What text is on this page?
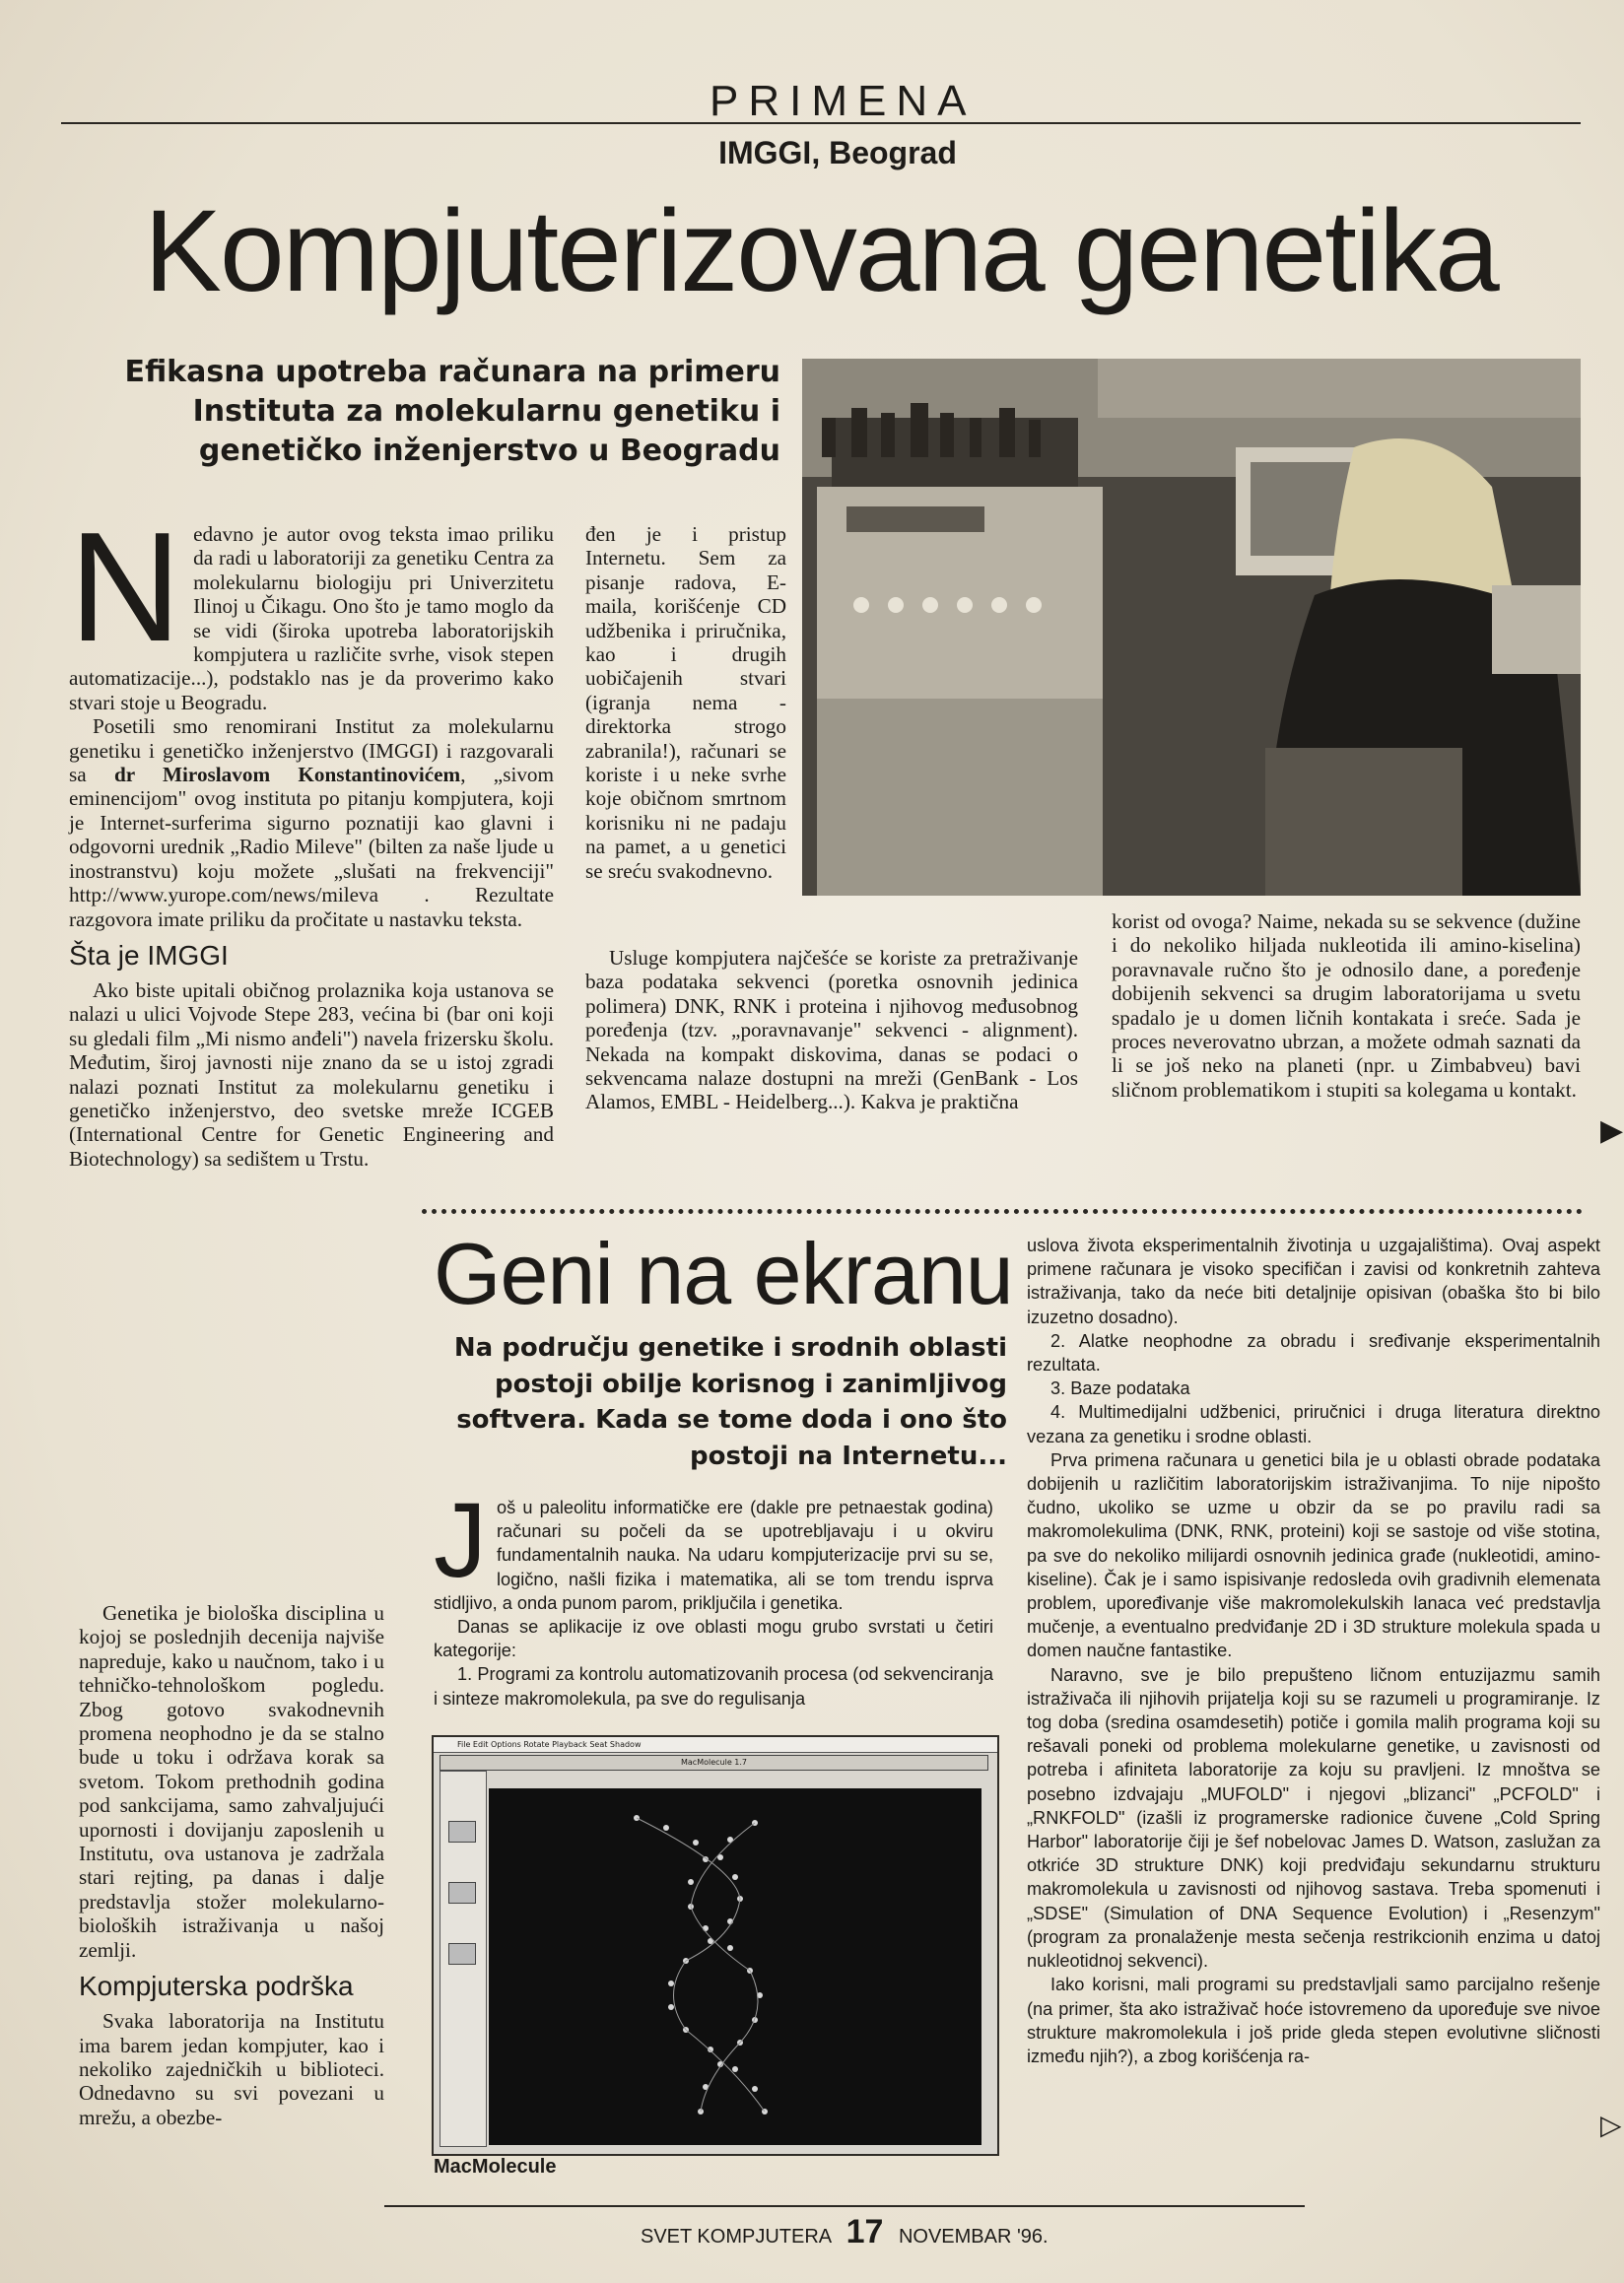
PRIMENA
IMGGI, Beograd
Kompjuterizovana genetika
Efikasna upotreba računara na primeru Instituta za molekularnu genetiku i genetičko inženjerstvo u Beogradu

Nedavno je autor ovog teksta imao priliku da radi u laboratoriji za genetiku Centra za molekularnu biologiju pri Univerzitetu Ilinoj u Čikagu. Ono što je tamo moglo da se vidi (široka upotreba laboratorijskih kompjutera u različite svrhe, visok stepen automatizacije...), podstaklo nas je da proverimo kako stvari stoje u Beogradu.

Posetili smo renomirani Institut za molekularnu genetiku i genetičko inženjerstvo (IMGGI) i razgovarali sa dr Miroslavom Konstantinovićem, „sivom eminencijom" ovog instituta po pitanju kompjutera, koji je Internet-surferima sigurno poznatiji kao glavni i odgovorni urednik „Radio Mileve" (bilten za naše ljude u inostranstvu) koju možete „slušati na frekvenciji" http://www.yurope.com/news/mileva . Rezultate razgovora imate priliku da pročitate u nastavku teksta.

Šta je IMGGI

Ako biste upitali običnog prolaznika koja ustanova se nalazi u ulici Vojvode Stepe 283, većina bi (bar oni koji su gledali film „Mi nismo anđeli") navela frizersku školu. Međutim, široj javnosti nije znano da se u istoj zgradi nalazi poznati Institut za molekularnu genetiku i genetičko inženjerstvo, deo svetske mreže ICGEB (International Centre for Genetic Engineering and Biotechnology) sa sedištem u Trstu.

Genetika je biološka disciplina u kojoj se poslednjih decenija najviše napreduje, kako u naučnom, tako i u tehničko-tehnološkom pogledu. Zbog gotovo svakodnevnih promena neophodno je da se stalno bude u toku i održava korak sa svetom. Tokom prethodnih godina pod sankcijama, samo zahvaljujući upornosti i dovijanju zaposlenih u Institutu, ova ustanova je zadržala stari rejting, pa danas i dalje predstavlja stožer molekularno-bioloških istraživanja u našoj zemlji.

Kompjuterska podrška

Svaka laboratorija na Institutu ima barem jedan kompjuter, kao i nekoliko zajedničkih u biblioteci. Odnedavno su svi povezani u mrežu, a obezbe-

đen je i pristup Internetu. Sem za pisanje radova, E-maila, korišćenje CD udžbenika i priručnika, kao i drugih uobičajenih stvari (igranja nema - direktorka strogo zabranila!), računari se koriste i u neke svrhe koje običnom smrtnom korisniku ni ne padaju na pamet, a u genetici se sreću svakodnevno.

Usluge kompjutera najčešće se koriste za pretraživanje baza podataka sekvenci (poretka osnovnih jedinica polimera) DNK, RNK i proteina i njihovog međusobnog poređenja (tzv. „poravnavanje" sekvenci - alignment). Nekada na kompakt diskovima, danas se podaci o sekvencama nalaze dostupni na mreži (GenBank - Los Alamos, EMBL - Heidelberg...). Kakva je praktična

korist od ovoga? Naime, nekada su se sekvence (dužine i do nekoliko hiljada nukleotida ili amino-kiselina) poravnavale ručno što je odnosilo dane, a poređenje dobijenih sekvenci sa drugim laboratorijama u svetu spadalo je u domen ličnih kontakata i sreće. Sada je proces neverovatno ubrzan, a možete odmah saznati da li se još neko na planeti (npr. u Zimbabveu) bavi sličnom problematikom i stupiti sa kolegama u kontakt.

▶
Geni na ekranu
Na području genetike i srodnih oblasti postoji obilje korisnog i zanimljivog softvera. Kada se tome doda i ono što postoji na Internetu...

Još u paleolitu informatičke ere (dakle pre petnaestak godina) računari su počeli da se upotrebljavaju i u okviru fundamentalnih nauka. Na udaru kompjuterizacije prvi su se, logično, našli fizika i matematika, ali se tom trendu isprva stidljivo, a onda punom parom, priključila i genetika.

Danas se aplikacije iz ove oblasti mogu grubo svrstati u četiri kategorije:

1. Programi za kontrolu automatizovanih procesa (od sekvenciranja i sinteze makromolekula, pa sve do regulisanja

uslova života eksperimentalnih životinja u uzgajalištima). Ovaj aspekt primene računara je visoko specifičan i zavisi od konkretnih zahteva istraživanja, tako da neće biti detaljnije opisivan (obaška što bi bilo izuzetno dosadno).

2. Alatke neophodne za obradu i sređivanje eksperimentalnih rezultata.

3. Baze podataka

4. Multimedijalni udžbenici, priručnici i druga literatura direktno vezana za genetiku i srodne oblasti.

Prva primena računara u genetici bila je u oblasti obrade podataka dobijenih u različitim laboratorijskim istraživanjima. To nije nipošto čudno, ukoliko se uzme u obzir da se po pravilu radi sa makromolekulima (DNK, RNK, proteini) koji se sastoje od više stotina, pa sve do nekoliko milijardi osnovnih jedinica građe (nukleotidi, amino-kiseline). Čak je i samo ispisivanje redosleda ovih gradivnih elemenata problem, upoređivanje više makromolekulskih lanaca već predstavlja mučenje, a eventualno predviđanje 2D i 3D strukture molekula spada u domen naučne fantastike.

Naravno, sve je bilo prepušteno ličnom entuzijazmu samih istraživača ili njihovih prijatelja koji su se razumeli u programiranje. Iz tog doba (sredina osamdesetih) potiče i gomila malih programa koji su rešavali poneki od problema molekularne genetike, u zavisnosti od potreba i afiniteta laboratorije za koju su pravljeni. Iz mnoštva se posebno izdvajaju „MUFOLD" i njegovi „blizanci" „PCFOLD" i „RNKFOLD" (izašli iz programerske radionice čuvene „Cold Spring Harbor" laboratorije čiji je šef nobelovac James D. Watson, zaslužan za otkriće 3D strukture DNK) koji predviđaju sekundarnu strukturu makromolekula u zavisnosti od njihovog sastava. Treba spomenuti i „SDSE" (Simulation of DNA Sequence Evolution) i „Resenzym" (program za pronalaženje mesta sečenja restrikcionih enzima u datoj nukleotidnoj sekvenci).

Iako korisni, mali programi su predstavljali samo parcijalno rešenje (na primer, šta ako istraživač hoće istovremeno da upoređuje sve nivoe strukture makromolekula i još pride gleda stepen evolutivne sličnosti između njih?), a zbog korišćenja ra-

▷
File Edit Options Rotate Playback Seat Shadow
MacMolecule 1.7
MacMolecule
SVET KOMPJUTERA 17 NOVEMBAR '96.
